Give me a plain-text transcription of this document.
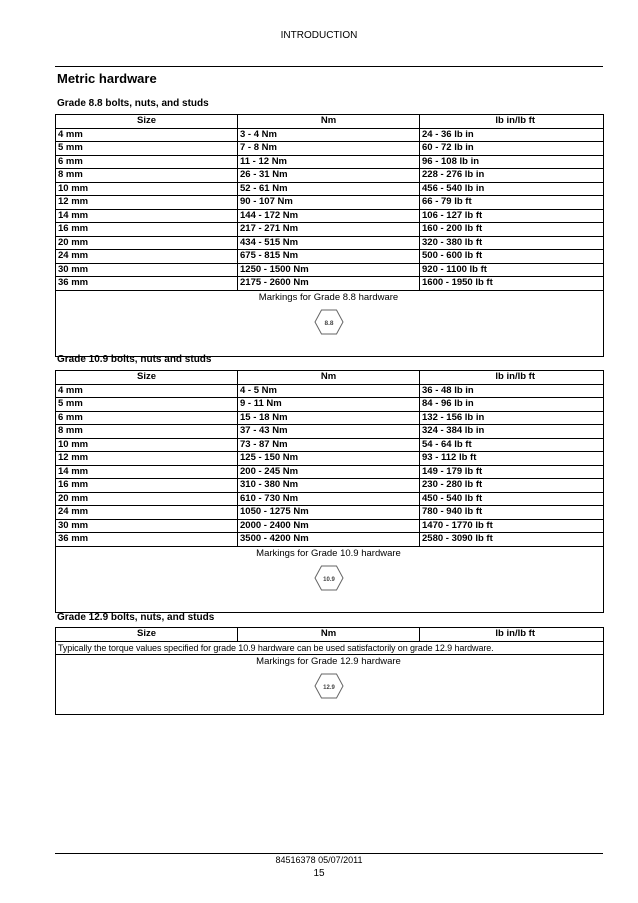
INTRODUCTION
Metric hardware
Grade 8.8 bolts, nuts, and studs
Size	Nm	lb in/lb ft
4 mm	3 - 4 Nm	24 - 36 lb in
5 mm	7 - 8 Nm	60 - 72 lb in
6 mm	11 - 12 Nm	96 - 108 lb in
8 mm	26 - 31 Nm	228 - 276 lb in
10 mm	52 - 61 Nm	456 - 540 lb in
12 mm	90 - 107 Nm	66 - 79 lb ft
14 mm	144 - 172 Nm	106 - 127 lb ft
16 mm	217 - 271 Nm	160 - 200 lb ft
20 mm	434 - 515 Nm	320 - 380 lb ft
24 mm	675 - 815 Nm	500 - 600 lb ft
30 mm	1250 - 1500 Nm	920 - 1100 lb ft
36 mm	2175 - 2600 Nm	1600 - 1950 lb ft

	Markings for Grade 8.8 hardware
8.8	
Grade 10.9 bolts, nuts and studs
Size	Nm	lb in/lb ft
4 mm	4 - 5 Nm	36 - 48 lb in
5 mm	9 - 11 Nm	84 - 96 lb in
6 mm	15 - 18 Nm	132 - 156 lb in
8 mm	37 - 43 Nm	324 - 384 lb in
10 mm	73 - 87 Nm	54 - 64 lb ft
12 mm	125 - 150 Nm	93 - 112 lb ft
14 mm	200 - 245 Nm	149 - 179 lb ft
16 mm	310 - 380 Nm	230 - 280 lb ft
20 mm	610 - 730 Nm	450 - 540 lb ft
24 mm	1050 - 1275 Nm	780 - 940 lb ft
30 mm	2000 - 2400 Nm	1470 - 1770 lb ft
36 mm	3500 - 4200 Nm	2580 - 3090 lb ft

	Markings for Grade 10.9 hardware
10.9	
Grade 12.9 bolts, nuts, and studs
Size	Nm	lb in/lb ft
Typically the torque values specified for grade 10.9 hardware can be used satisfactorily on grade 12.9 hardware.		

	Markings for Grade 12.9 hardware
12.9	
84516378 05/07/2011
15
